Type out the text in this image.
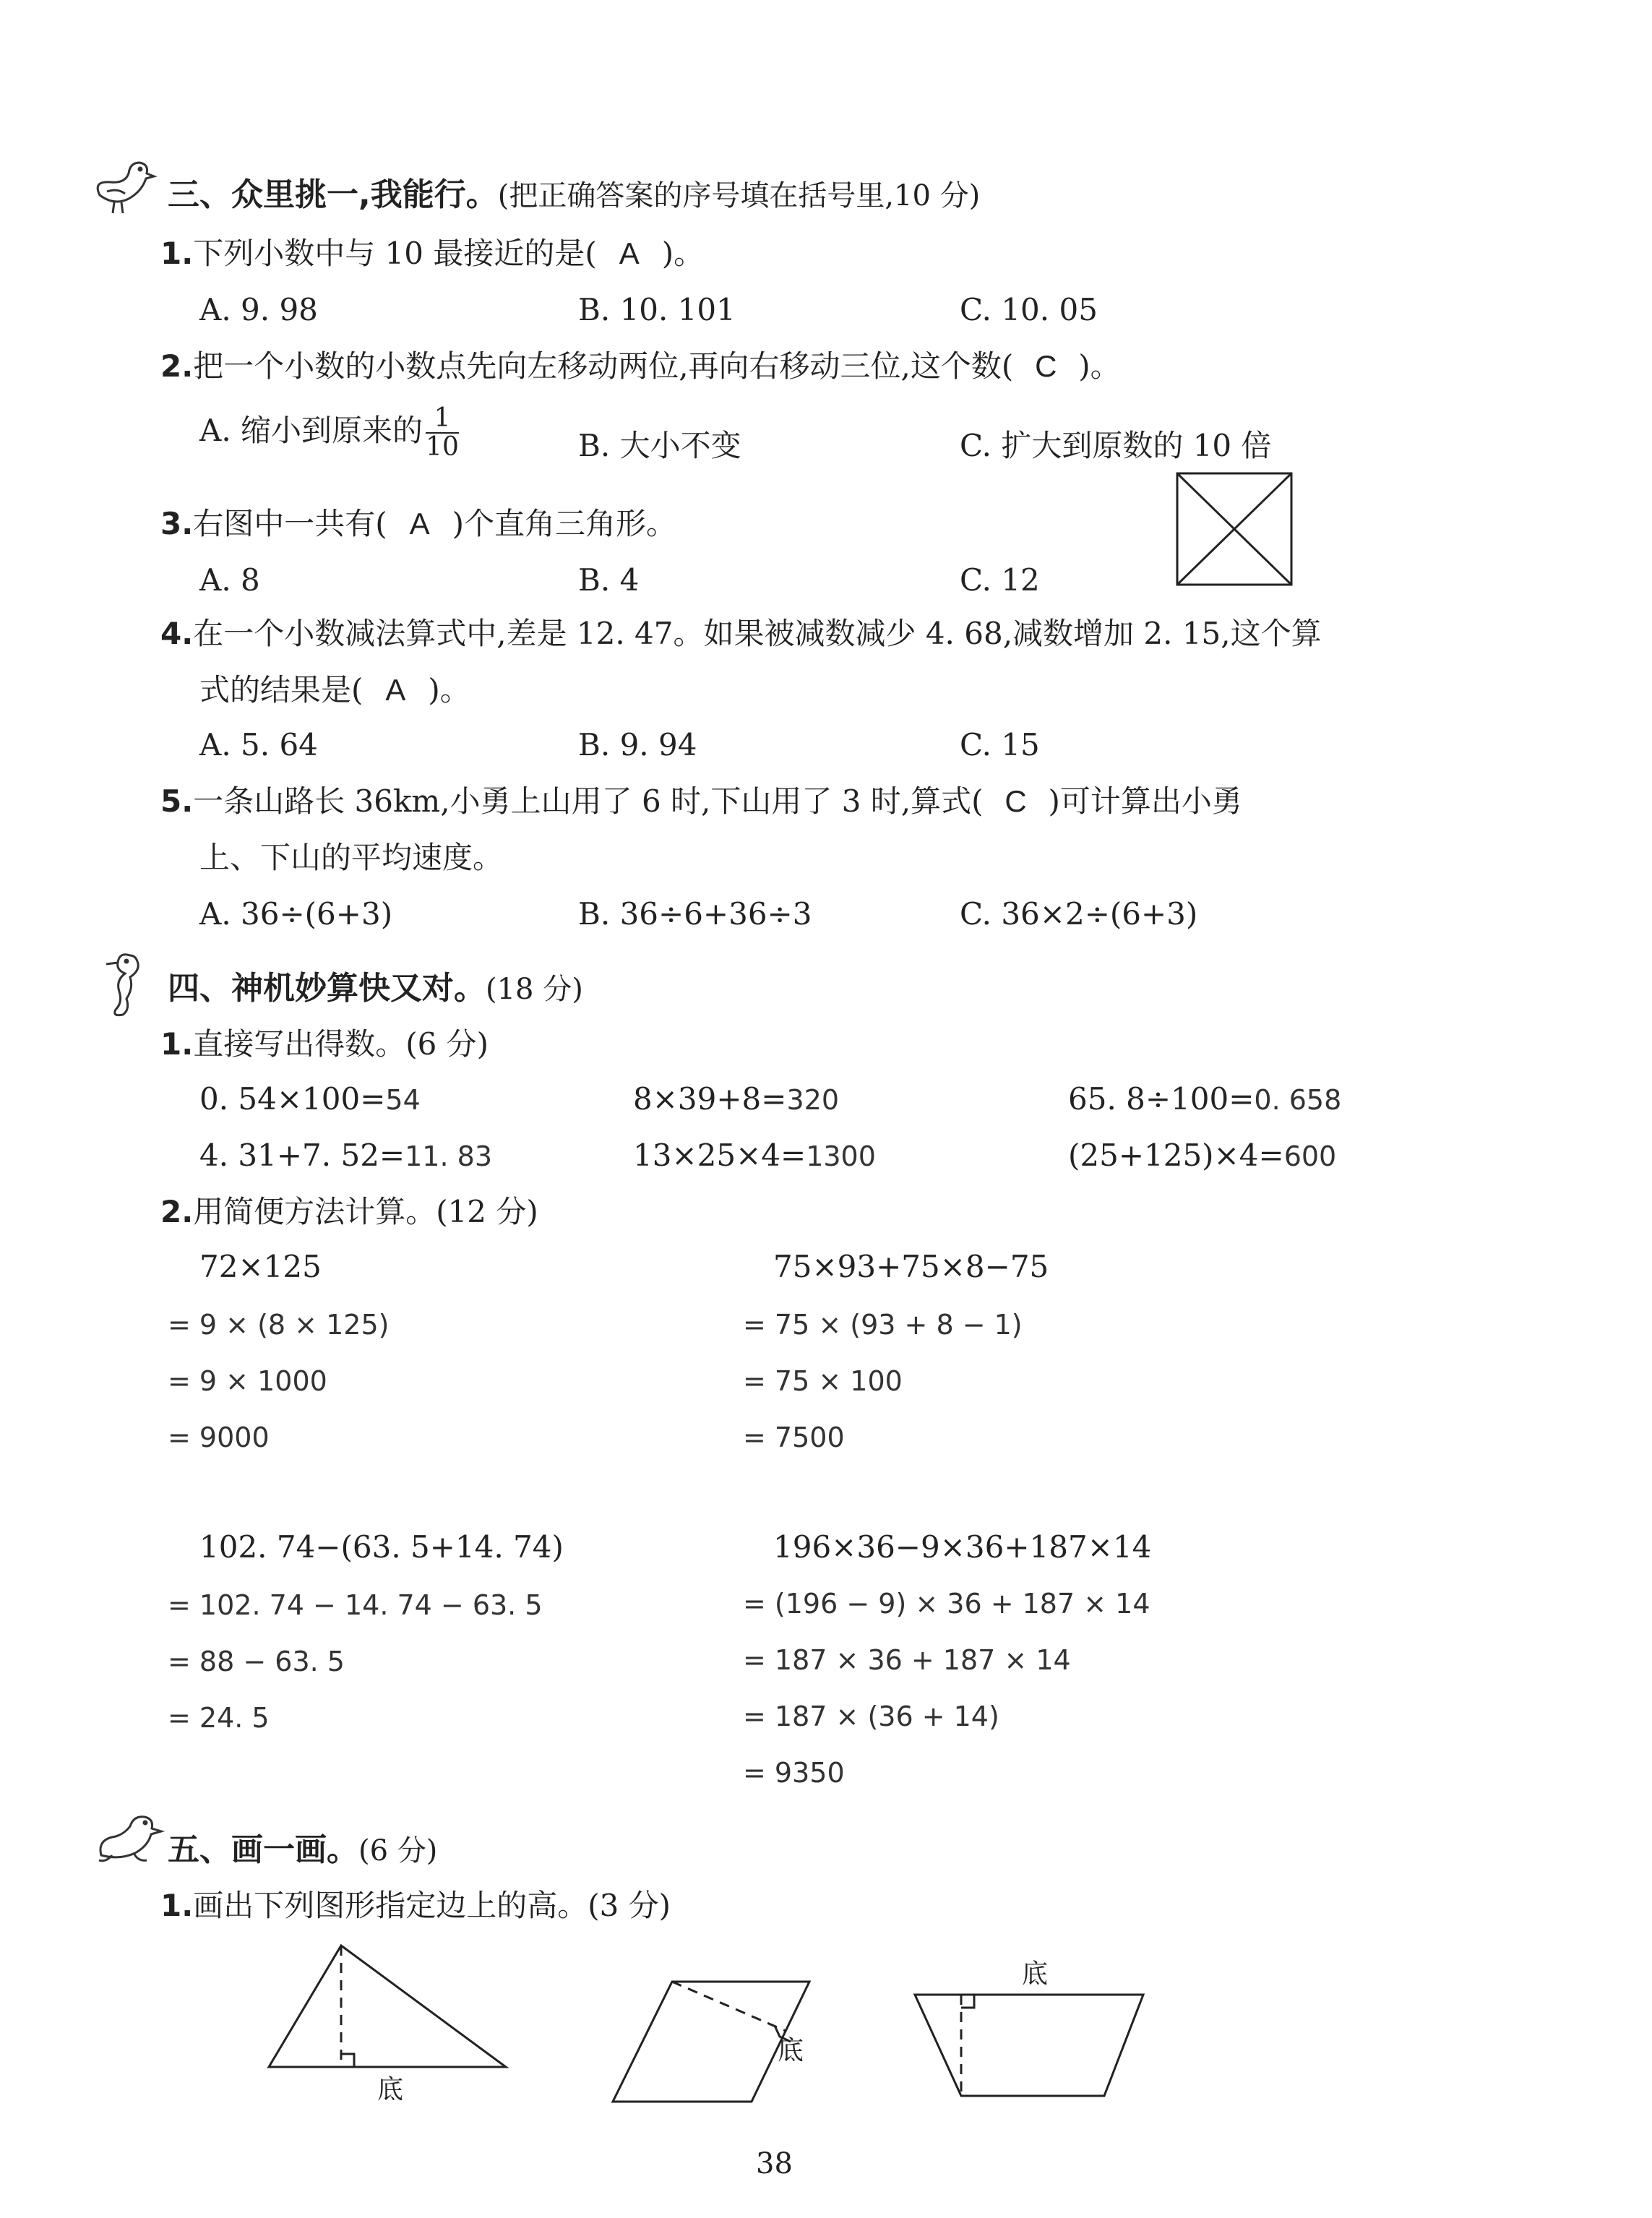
三、众里挑一,我能行。(把正确答案的序号填在括号里,10 分)
1.下列小数中与 10 最接近的是( A )。
A. 9. 98	B. 10. 101	C. 10. 05
2.把一个小数的小数点先向左移动两位,再向右移动三位,这个数( C )。
A. 缩小到原来的 $\frac{1}{10}$	B. 大小不变	C. 扩大到原数的 10 倍
3.右图中一共有( A )个直角三角形。
A. 8	B. 4	C. 12
4.在一个小数减法算式中,差是 12. 47。如果被减数减少 4. 68,减数增加 2. 15,这个算
式的结果是( A )。
A. 5. 64	B. 9. 94	C. 15
5.一条山路长 36km,小勇上山用了 6 时,下山用了 3 时,算式( C )可计算出小勇
上、下山的平均速度。
A. 36÷(6+3)	B. 36÷6+36÷3	C. 36×2÷(6+3)
四、神机妙算快又对。(18 分)
1.直接写出得数。(6 分)
0. 54×100=54	8×39+8=320	65. 8÷100=0. 658
4. 31+7. 52=11. 83	13×25×4=1300	(25+125)×4=600
2.用简便方法计算。(12 分)
72×125
= 9 × (8 × 125)
= 9 × 1000
= 9000
75×93+75×8−75
= 75 × (93 + 8 − 1)
= 75 × 100
= 7500
102. 74−(63. 5+14. 74)
= 102. 74 − 14. 74 − 63. 5
= 88 − 63. 5
= 24. 5
196×36−9×36+187×14
= (196 − 9) × 36 + 187 × 14
= 187 × 36 + 187 × 14
= 187 × (36 + 14)
= 9350
五、画一画。(6 分)
1.画出下列图形指定边上的高。(3 分)
底
底
底
38
